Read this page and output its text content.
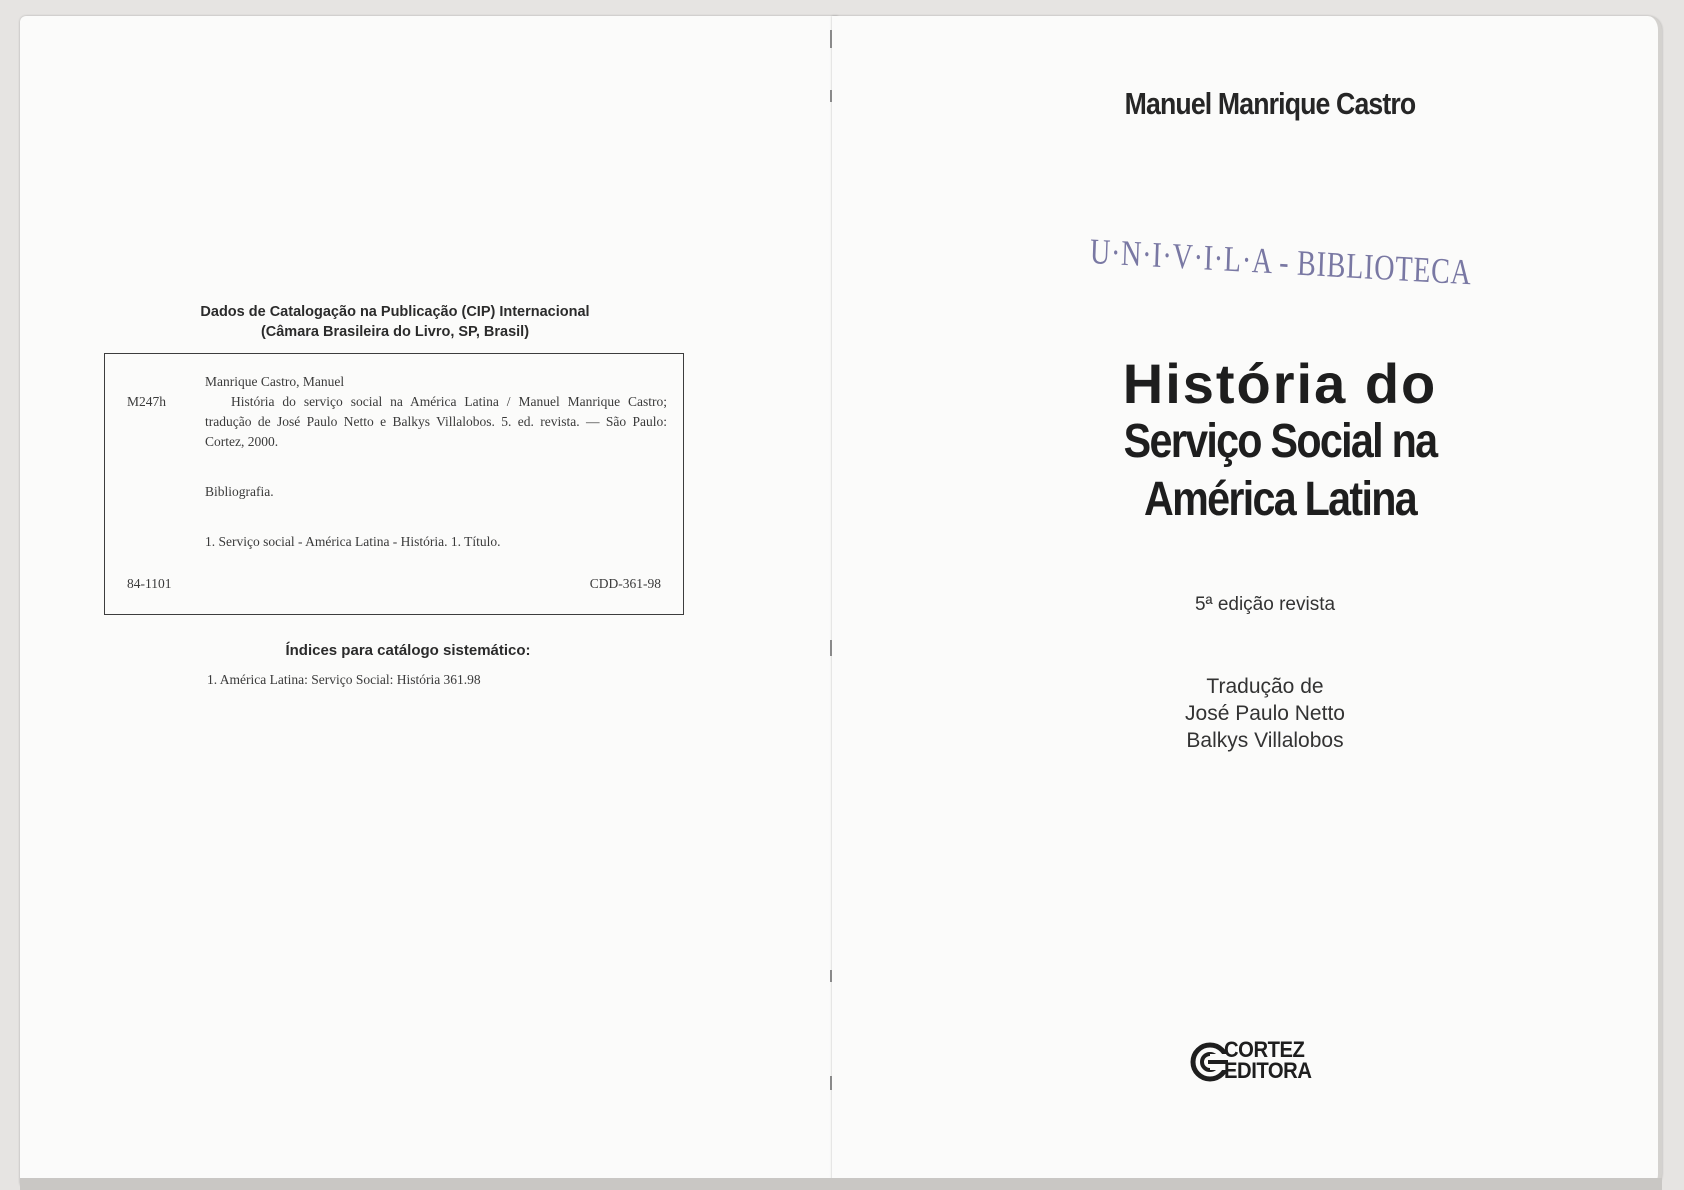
Dados de Catalogação na Publicação (CIP) Internacional
(Câmara Brasileira do Livro, SP, Brasil)
Manrique Castro, Manuel
M247h	História do serviço social na América Latina / Manuel Manrique Castro; tradução de José Paulo Netto e Balkys Villalobos. 5. ed. revista. — São Paulo: Cortez, 2000.
Bibliografia.
1. Serviço social - América Latina - História. 1. Título.
84-1101	CDD-361-98
Índices para catálogo sistemático:
1. América Latina: Serviço Social: História 361.98
Manuel Manrique Castro
U·N·I·V·I·L·A - BIBLIOTECA
História do
Serviço Social na
América Latina
5ª edição revista
Tradução de
José Paulo Netto
Balkys Villalobos
CORTEZ
EDITORA
